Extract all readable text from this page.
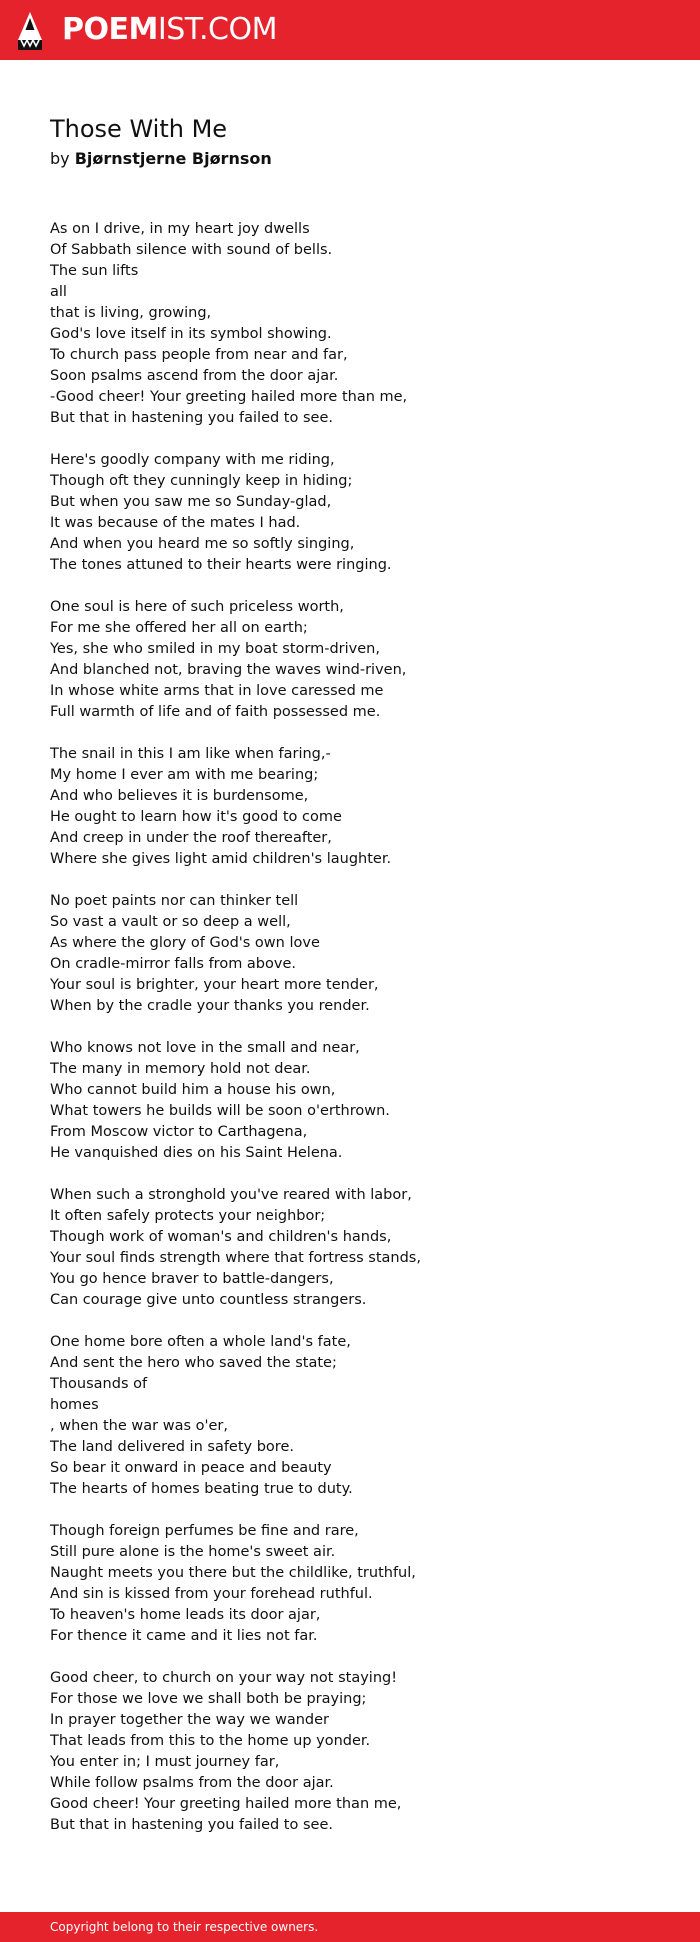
POEMIST.COM
Those With Me
by Bjørnstjerne Bjørnson
As on I drive, in my heart joy dwells
Of Sabbath silence with sound of bells.
The sun lifts
all
that is living, growing,
God's love itself in its symbol showing.
To church pass people from near and far,
Soon psalms ascend from the door ajar.
-Good cheer! Your greeting hailed more than me,
But that in hastening you failed to see.
Here's goodly company with me riding,
Though oft they cunningly keep in hiding;
But when you saw me so Sunday-glad,
It was because of the mates I had.
And when you heard me so softly singing,
The tones attuned to their hearts were ringing.
One soul is here of such priceless worth,
For me she offered her all on earth;
Yes, she who smiled in my boat storm-driven,
And blanched not, braving the waves wind-riven,
In whose white arms that in love caressed me
Full warmth of life and of faith possessed me.
The snail in this I am like when faring,-
My home I ever am with me bearing;
And who believes it is burdensome,
He ought to learn how it's good to come
And creep in under the roof thereafter,
Where she gives light amid children's laughter.
No poet paints nor can thinker tell
So vast a vault or so deep a well,
As where the glory of God's own love
On cradle-mirror falls from above.
Your soul is brighter, your heart more tender,
When by the cradle your thanks you render.
Who knows not love in the small and near,
The many in memory hold not dear.
Who cannot build him a house his own,
What towers he builds will be soon o'erthrown.
From Moscow victor to Carthagena,
He vanquished dies on his Saint Helena.
When such a stronghold you've reared with labor,
It often safely protects your neighbor;
Though work of woman's and children's hands,
Your soul finds strength where that fortress stands,
You go hence braver to battle-dangers,
Can courage give unto countless strangers.
One home bore often a whole land's fate,
And sent the hero who saved the state;
Thousands of
homes
, when the war was o'er,
The land delivered in safety bore.
So bear it onward in peace and beauty
The hearts of homes beating true to duty.
Though foreign perfumes be fine and rare,
Still pure alone is the home's sweet air.
Naught meets you there but the childlike, truthful,
And sin is kissed from your forehead ruthful.
To heaven's home leads its door ajar,
For thence it came and it lies not far.
Good cheer, to church on your way not staying!
For those we love we shall both be praying;
In prayer together the way we wander
That leads from this to the home up yonder.
You enter in; I must journey far,
While follow psalms from the door ajar.
Good cheer! Your greeting hailed more than me,
But that in hastening you failed to see.
Copyright belong to their respective owners.
